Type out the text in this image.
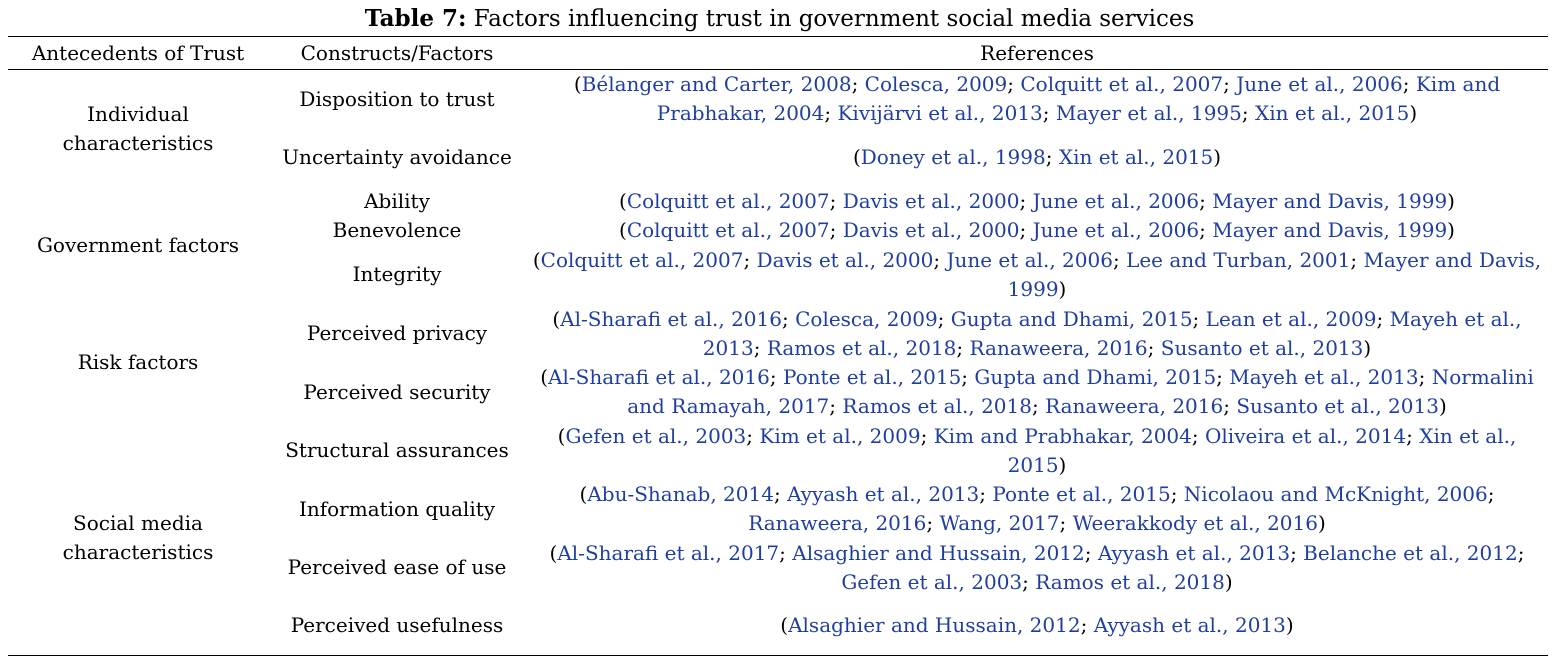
Table 7: Factors influencing trust in government social media services
Antecedents of Trust	Constructs/Factors	References
Individual characteristics	Disposition to trust	(Bélanger and Carter, 2008; Colesca, 2009; Colquitt et al., 2007; June et al., 2006; Kim and Prabhakar, 2004; Kivijärvi et al., 2013; Mayer et al., 1995; Xin et al., 2015)
	Uncertainty avoidance	(Doney et al., 1998; Xin et al., 2015)
Government factors	Ability	(Colquitt et al., 2007; Davis et al., 2000; June et al., 2006; Mayer and Davis, 1999)
	Benevolence	(Colquitt et al., 2007; Davis et al., 2000; June et al., 2006; Mayer and Davis, 1999)
	Integrity	(Colquitt et al., 2007; Davis et al., 2000; June et al., 2006; Lee and Turban, 2001; Mayer and Davis, 1999)
Risk factors	Perceived privacy	(Al-Sharafi et al., 2016; Colesca, 2009; Gupta and Dhami, 2015; Lean et al., 2009; Mayeh et al., 2013; Ramos et al., 2018; Ranaweera, 2016; Susanto et al., 2013)
	Perceived security	(Al-Sharafi et al., 2016; Ponte et al., 2015; Gupta and Dhami, 2015; Mayeh et al., 2013; Normalini and Ramayah, 2017; Ramos et al., 2018; Ranaweera, 2016; Susanto et al., 2013)
Social media characteristics	Structural assurances	(Gefen et al., 2003; Kim et al., 2009; Kim and Prabhakar, 2004; Oliveira et al., 2014; Xin et al., 2015)
	Information quality	(Abu-Shanab, 2014; Ayyash et al., 2013; Ponte et al., 2015; Nicolaou and McKnight, 2006; Ranaweera, 2016; Wang, 2017; Weerakkody et al., 2016)
	Perceived ease of use	(Al-Sharafi et al., 2017; Alsaghier and Hussain, 2012; Ayyash et al., 2013; Belanche et al., 2012; Gefen et al., 2003; Ramos et al., 2018)
	Perceived usefulness	(Alsaghier and Hussain, 2012; Ayyash et al., 2013)
